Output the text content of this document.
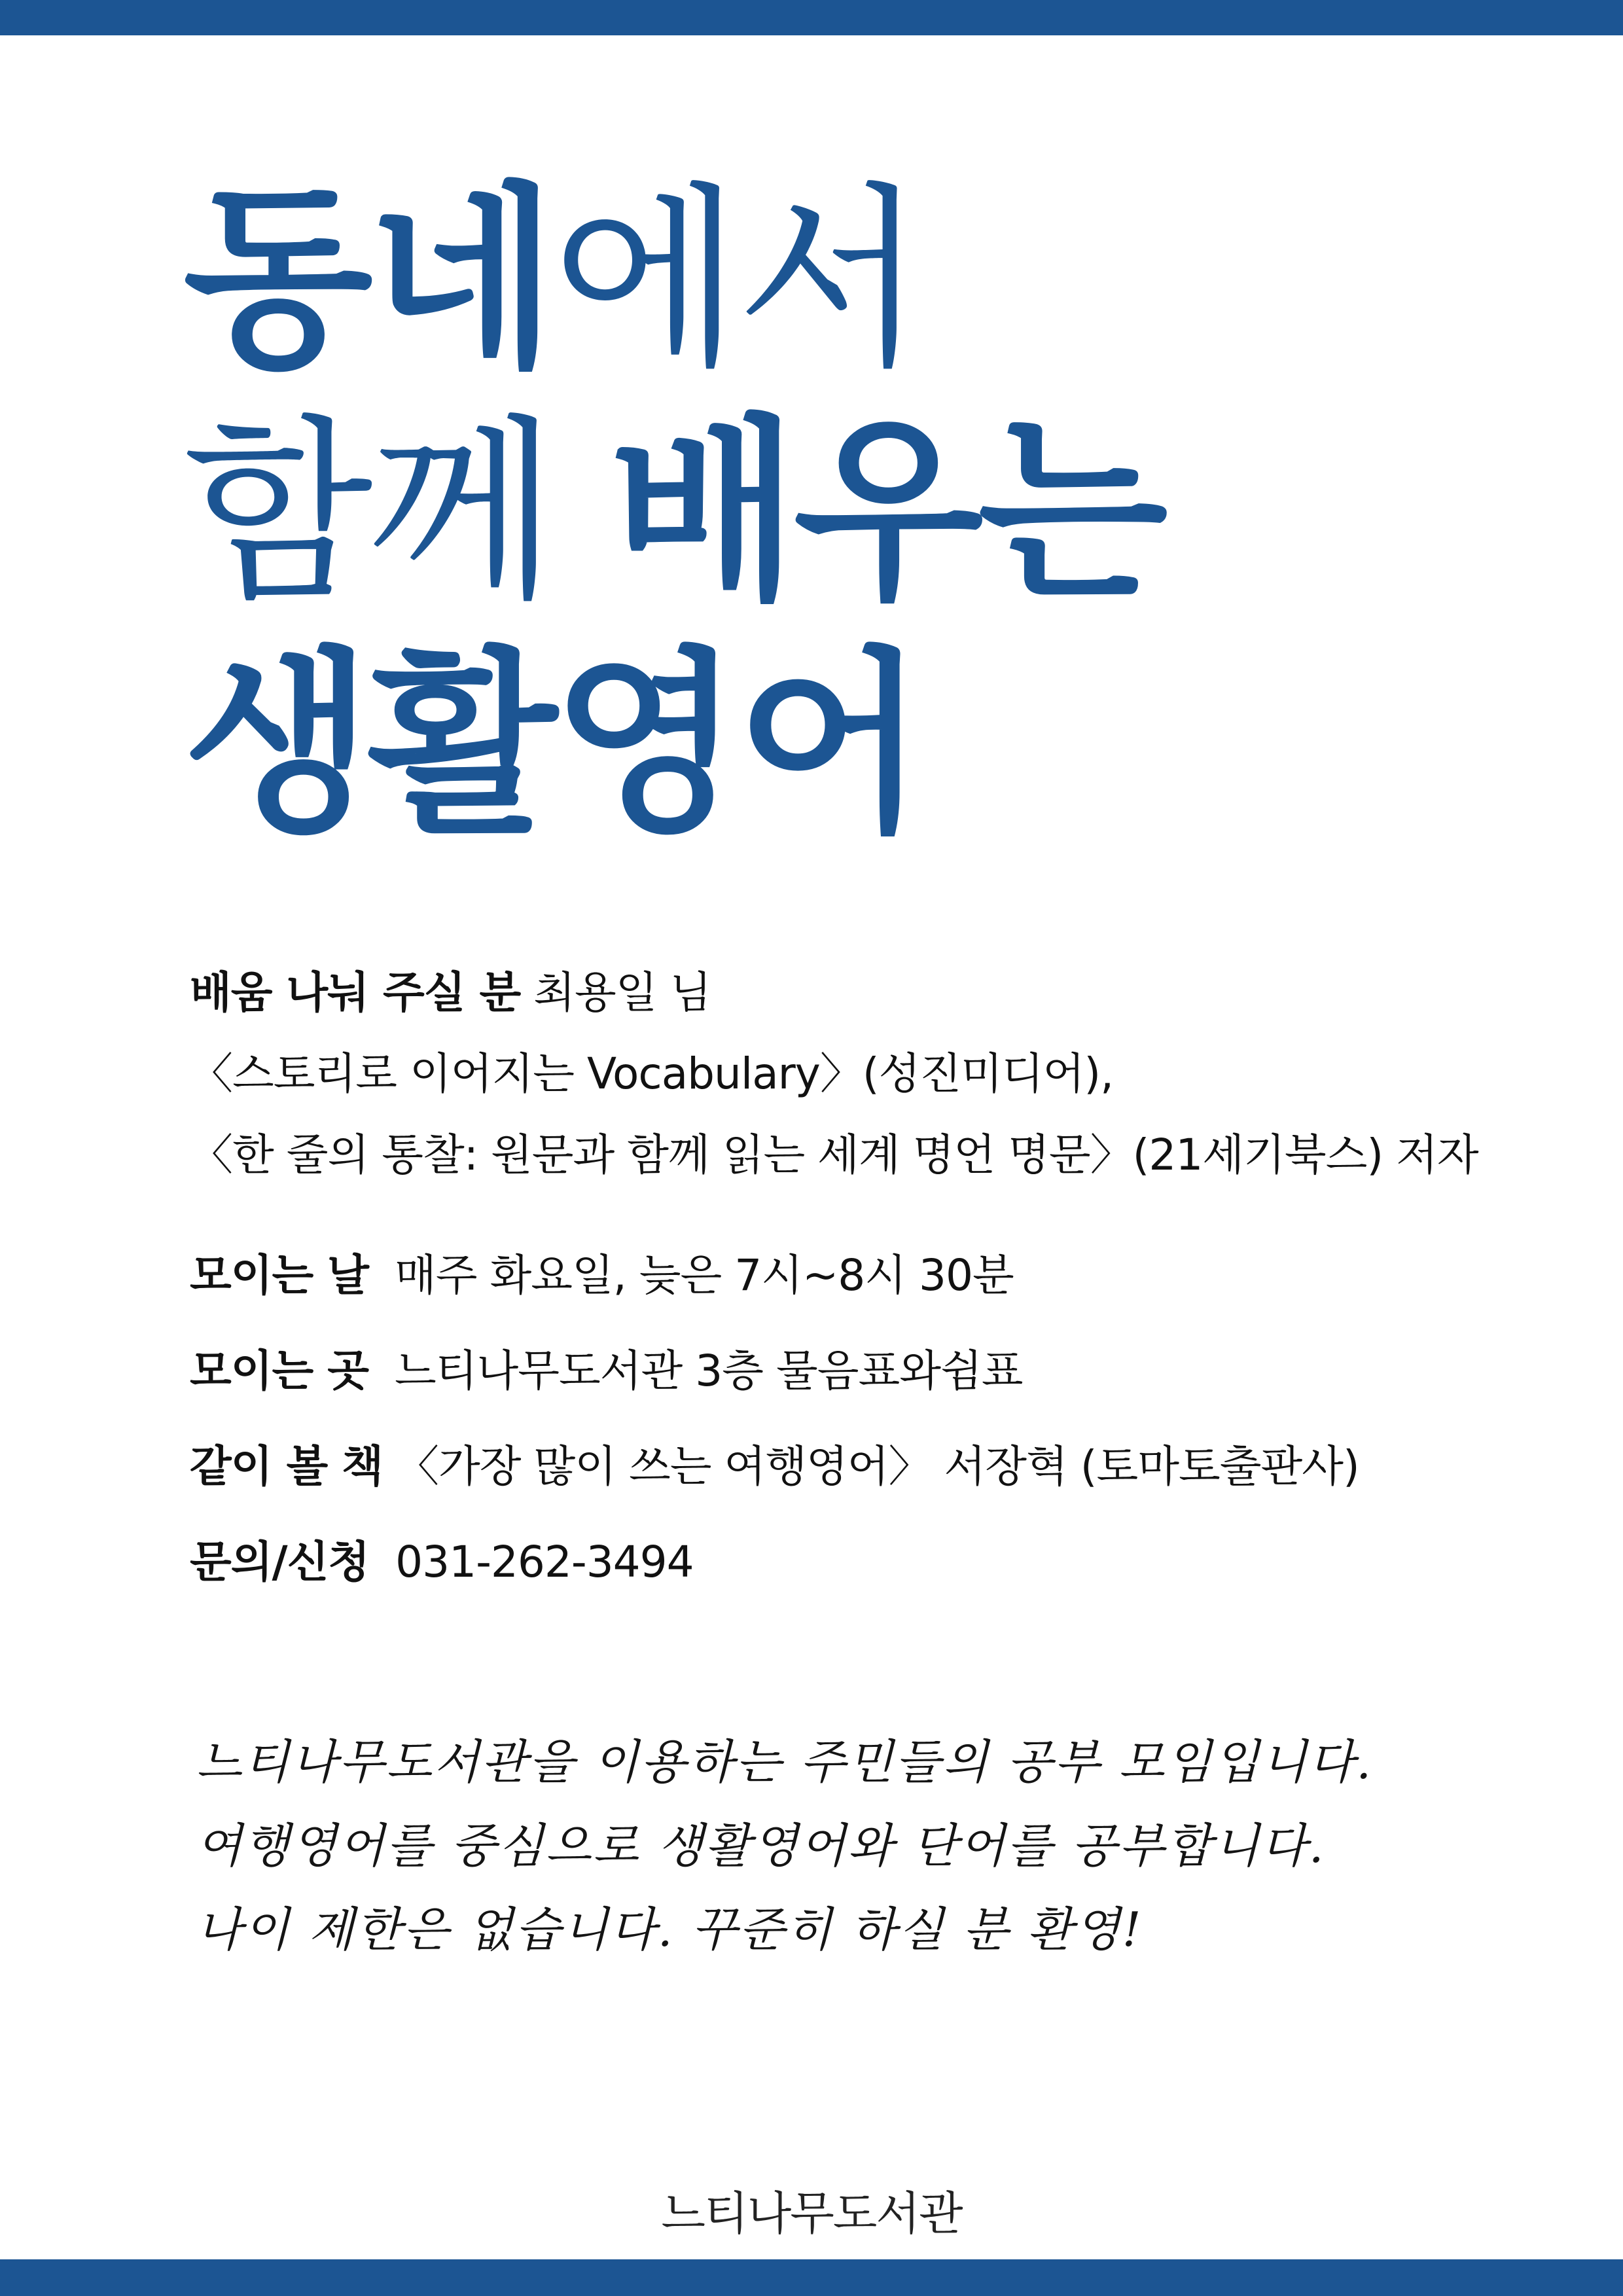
동네에서
함께 배우는
생활영어
배움 나눠 주실 분 최용일 님
〈스토리로 이어지는 Vocabulary〉(성진미디어),
〈한 줄의 통찰: 원문과 함께 읽는 세계 명언 명문〉(21세기북스) 저자
모이는 날 매주 화요일, 늦은 7시~8시 30분
모이는 곳 느티나무도서관 3층 물음표와쉼표
같이 볼 책 〈가장 많이 쓰는 여행영어〉 서장혁 (토마토출판사)
문의/신청 031-262-3494
느티나무도서관을 이용하는 주민들의 공부 모임입니다.
여행영어를 중심으로 생활영어와 단어를 공부합니다.
나이 제한은 없습니다. 꾸준히 하실 분 환영!
느티나무도서관
